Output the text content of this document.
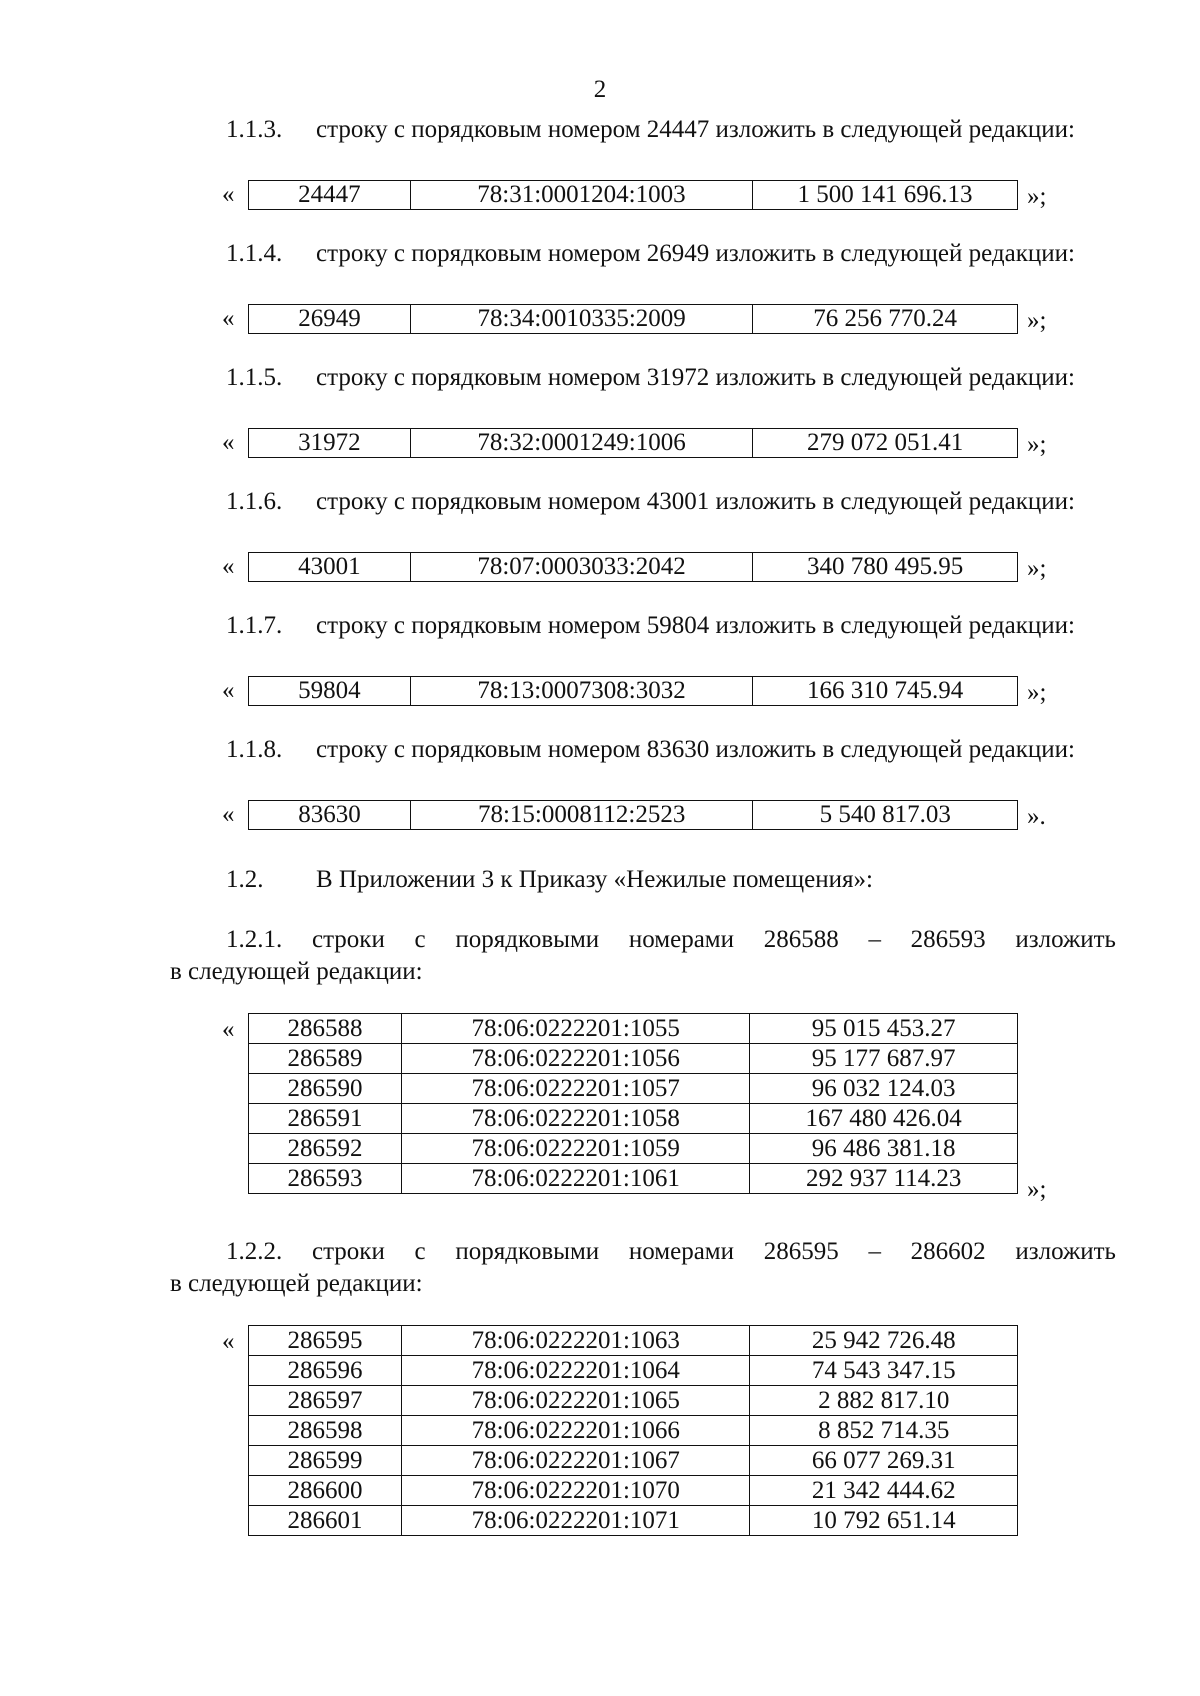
2
1.1.3. строку с порядковым номером 24447 изложить в следующей редакции:
«	24447	78:31:0001204:1003	1 500 141 696.13 »;
1.1.4. строку с порядковым номером 26949 изложить в следующей редакции:
«	26949	78:34:0010335:2009	76 256 770.24	»;
1.1.5. строку с порядковым номером 31972 изложить в следующей редакции:
«	31972	78:32:0001249:1006	279 072 051.41	»;
1.1.6. строку с порядковым номером 43001 изложить в следующей редакции:
«	43001	78:07:0003033:2042	340 780 495.95	»;
1.1.7. строку с порядковым номером 59804 изложить в следующей редакции:
«	59804	78:13:0007308:3032	166 310 745.94	»;
1.1.8. строку с порядковым номером 83630 изложить в следующей редакции:
«	83630	78:15:0008112:2523	5 540 817.03	».
1.2. В Приложении 3 к Приказу «Нежилые помещения»:
1.2.1. строки с порядковыми номерами 286588 – 286593 изложить
в следующей редакции:
« 286588	78:06:0222201:1055	95 015 453.27
286589	78:06:0222201:1056	95 177 687.97
286590	78:06:0222201:1057	96 032 124.03
286591	78:06:0222201:1058	167 480 426.04
286592	78:06:0222201:1059	96 486 381.18
286593	78:06:0222201:1061	292 937 114.23	»;
1.2.2. строки с порядковыми номерами 286595 – 286602 изложить
в следующей редакции:
« 286595	78:06:0222201:1063	25 942 726.48
286596	78:06:0222201:1064	74 543 347.15
286597	78:06:0222201:1065	2 882 817.10
286598	78:06:0222201:1066	8 852 714.35
286599	78:06:0222201:1067	66 077 269.31
286600	78:06:0222201:1070	21 342 444.62
286601	78:06:0222201:1071	10 792 651.14
